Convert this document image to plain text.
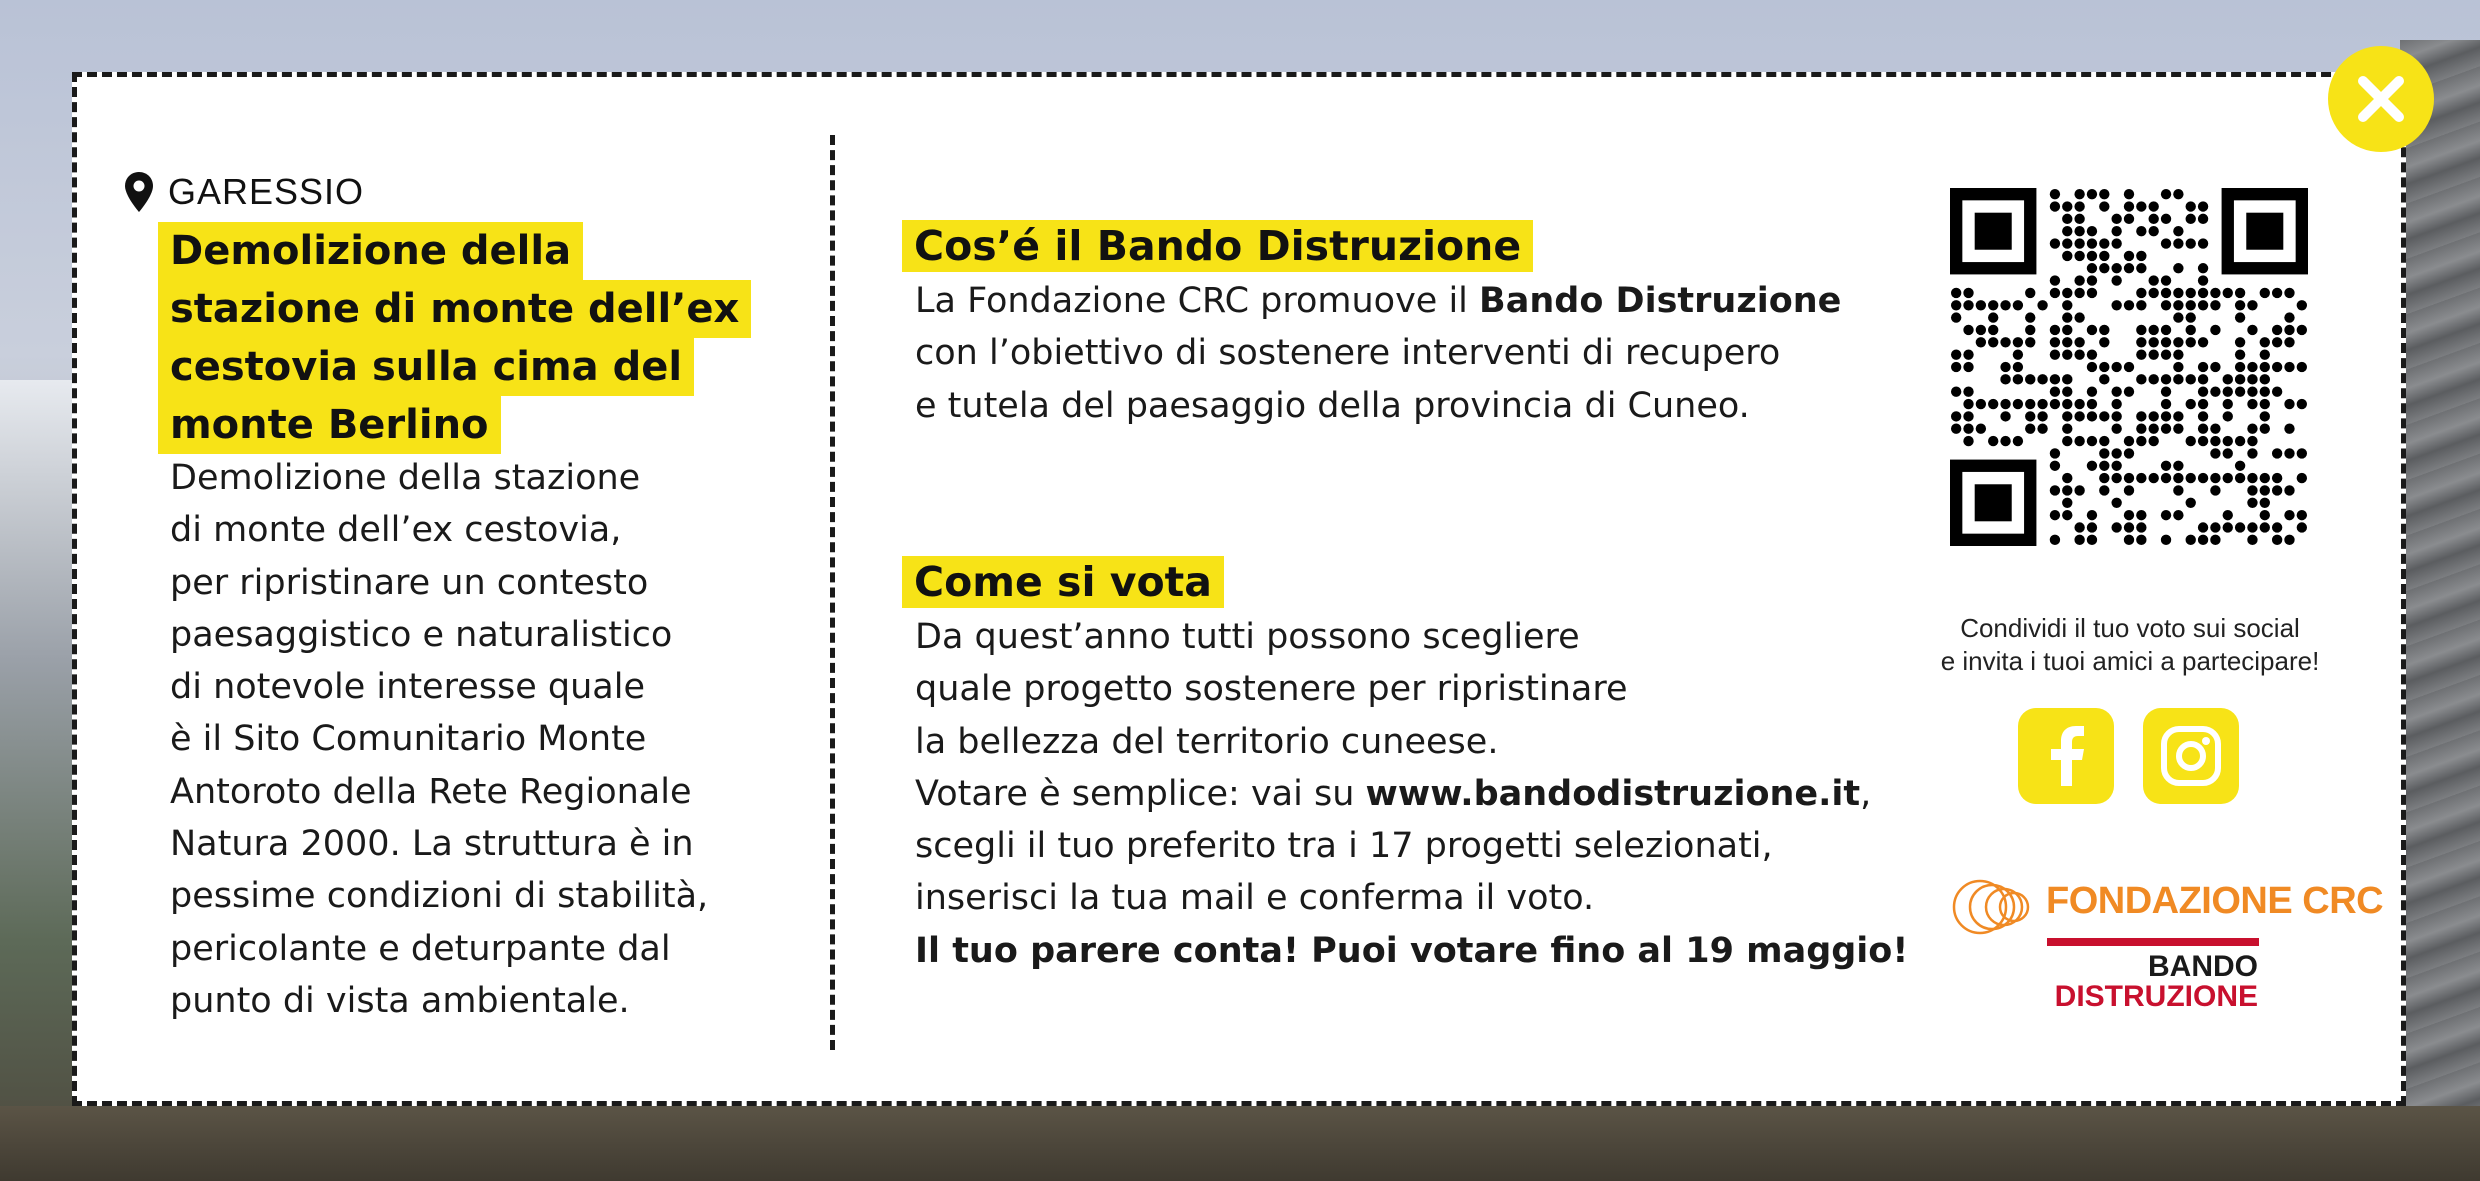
GARESSIO
Demolizione della
stazione di monte dell’ex
cestovia sulla cima del
monte Berlino
Demolizione della stazione
di monte dell’ex cestovia,
per ripristinare un contesto
paesaggistico e naturalistico
di notevole interesse quale
è il Sito Comunitario Monte
Antoroto della Rete Regionale
Natura 2000. La struttura è in
pessime condizioni di stabilità,
pericolante e deturpante dal
punto di vista ambientale.
Cos’é il Bando Distruzione
La Fondazione CRC promuove il Bando Distruzione
con l’obiettivo di sostenere interventi di recupero
e tutela del paesaggio della provincia di Cuneo.
Come si vota
Da quest’anno tutti possono scegliere
quale progetto sostenere per ripristinare
la bellezza del territorio cuneese.
Votare è semplice: vai su www.bandodistruzione.it,
scegli il tuo preferito tra i 17 progetti selezionati,
inserisci la tua mail e conferma il voto.
Il tuo parere conta! Puoi votare fino al 19 maggio!
Condividi il tuo voto sui social
e invita i tuoi amici a partecipare!
FONDAZIONE CRC
BANDO
DISTRUZIONE
